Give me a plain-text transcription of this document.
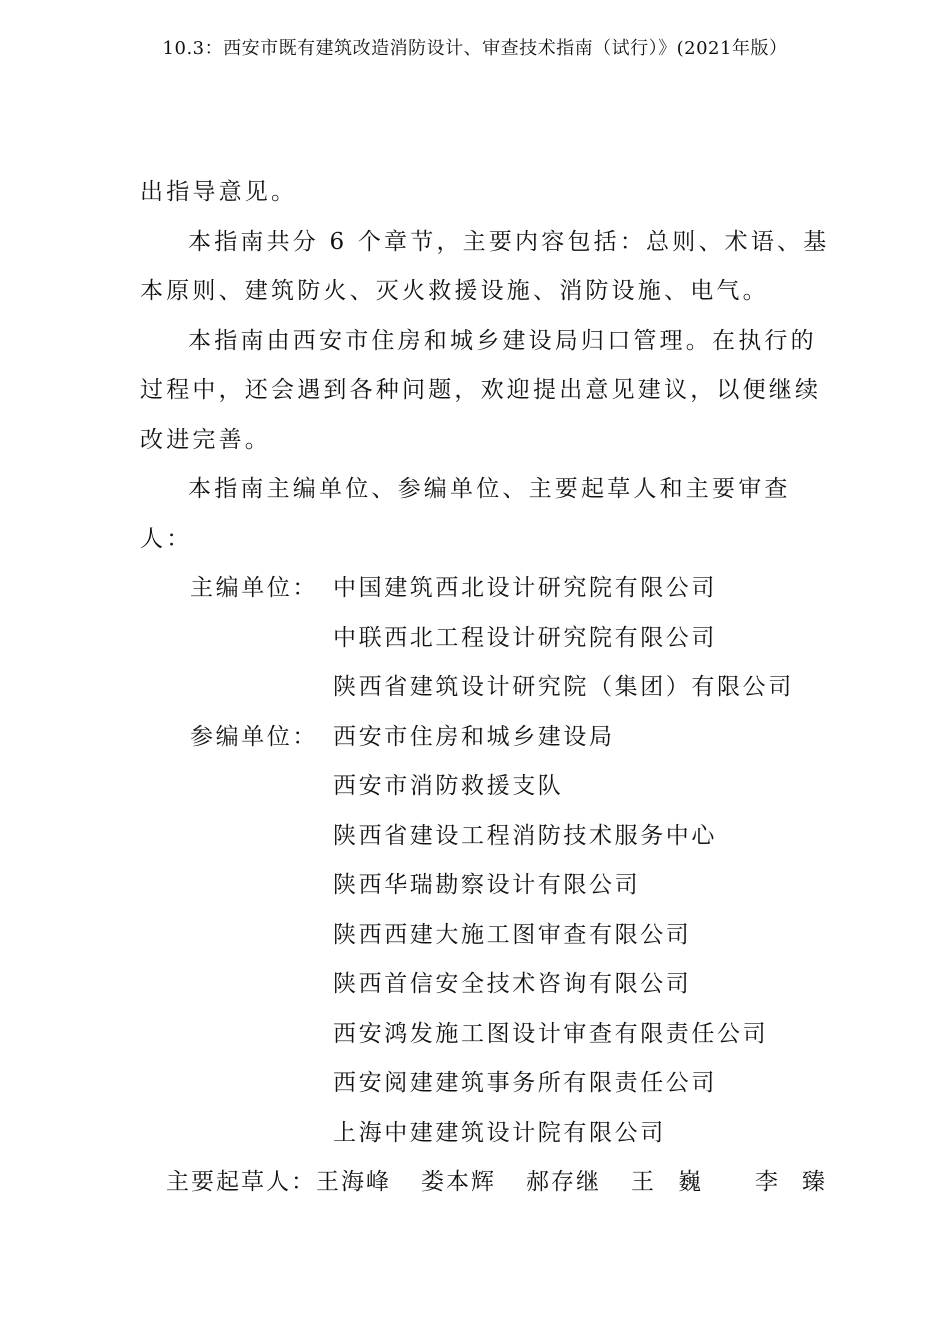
10.3：西安市既有建筑改造消防设计、审查技术指南（试行）》(2021年版）

出指导意见。

本指南共分 6 个章节，主要内容包括：总则、术语、基本原则、建筑防火、灭火救援设施、消防设施、电气。

本指南由西安市住房和城乡建设局归口管理。在执行的过程中，还会遇到各种问题，欢迎提出意见建议，以便继续改进完善。

本指南主编单位、参编单位、主要起草人和主要审查人：

主编单位： 中国建筑西北设计研究院有限公司
中联西北工程设计研究院有限公司
陕西省建筑设计研究院（集团）有限公司
参编单位： 西安市住房和城乡建设局
西安市消防救援支队
陕西省建设工程消防技术服务中心
陕西华瑞勘察设计有限公司
陕西西建大施工图审查有限公司
陕西首信安全技术咨询有限公司
西安鸿发施工图设计审查有限责任公司
西安阅建建筑事务所有限责任公司
上海中建建筑设计院有限公司
主要起草人： 王海峰 娄本辉 郝存继 王巍 李臻
